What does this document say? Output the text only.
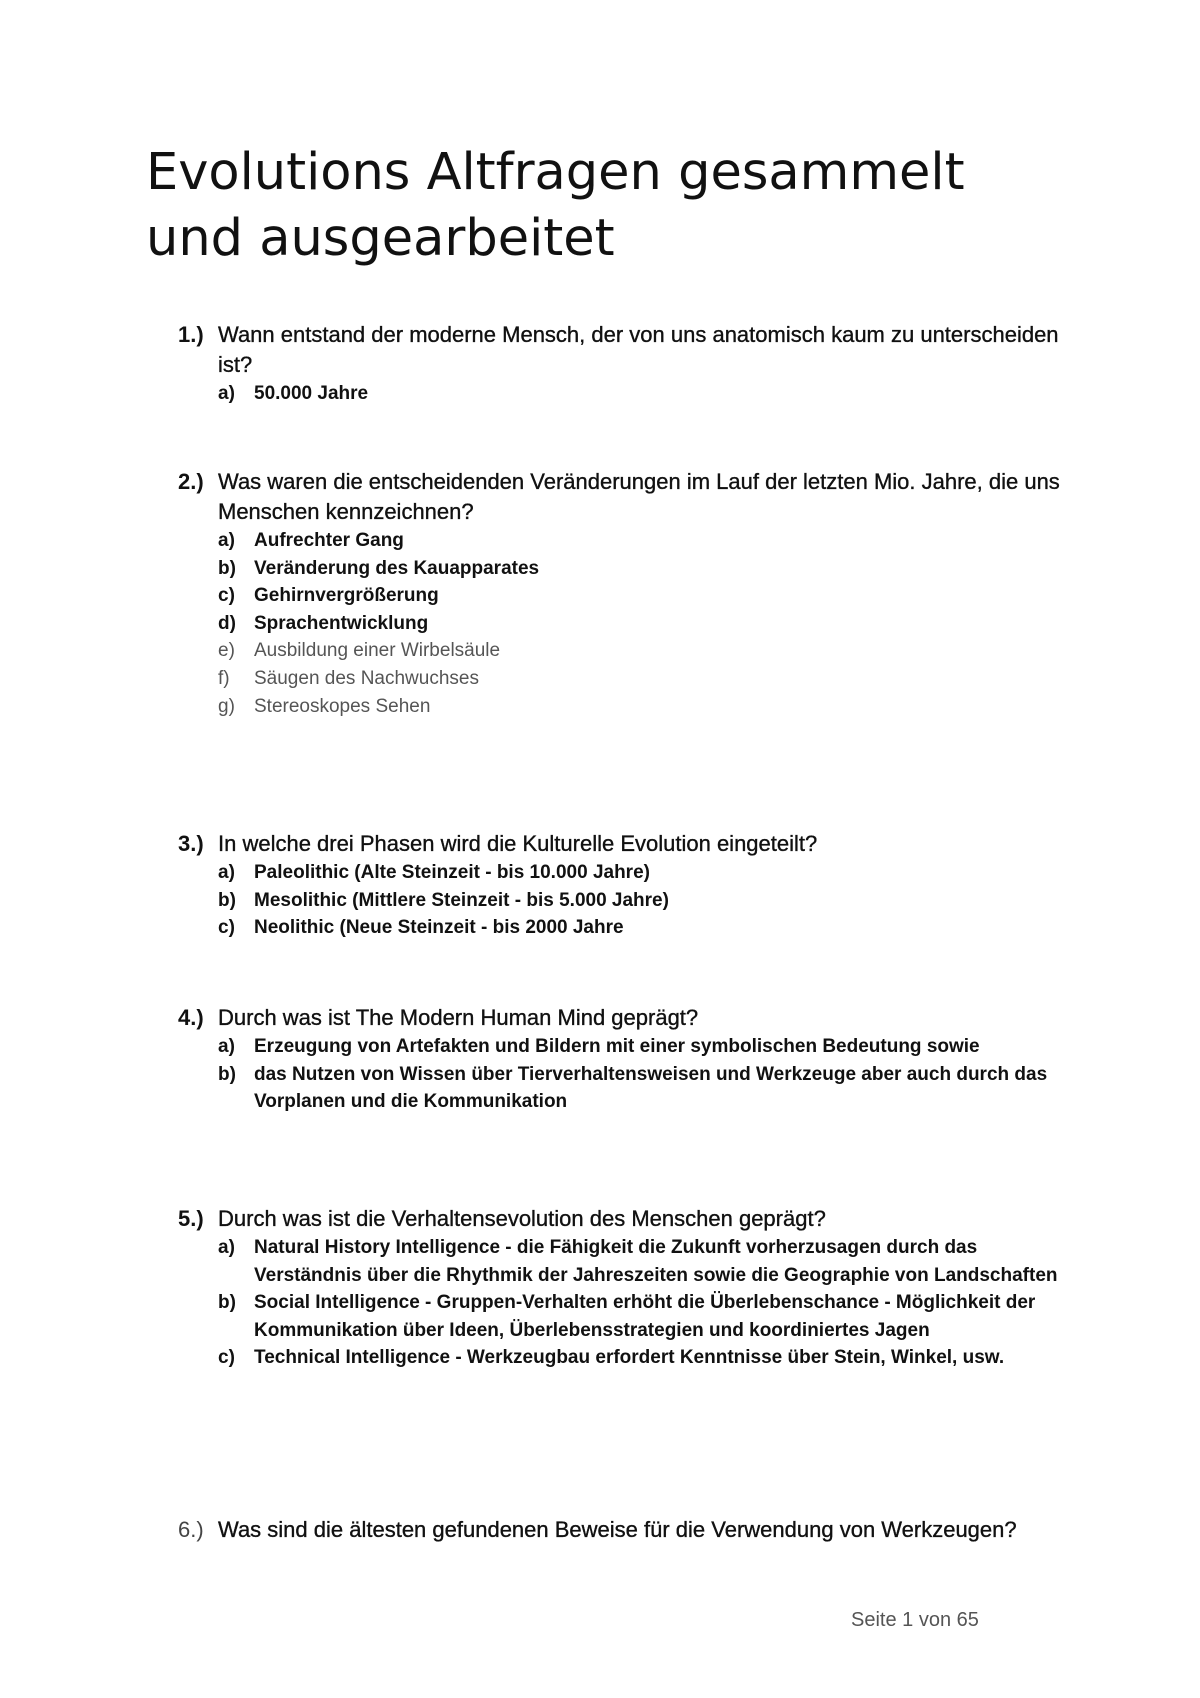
Evolutions Altfragen gesammelt
und ausgearbeitet
1.) Wann entstand der moderne Mensch, der von uns anatomisch kaum zu unterscheiden ist?
a)	50.000 Jahre
2.) Was waren die entscheidenden Veränderungen im Lauf der letzten Mio. Jahre, die uns Menschen kennzeichnen?
a)	Aufrechter Gang
b) Veränderung des Kauapparates
c)	Gehirnvergrößerung
d) Sprachentwicklung
e)	Ausbildung einer Wirbelsäule
f)	Säugen des Nachwuchses
g)	Stereoskopes Sehen
3.) In welche drei Phasen wird die Kulturelle Evolution eingeteilt?
a)	Paleolithic (Alte Steinzeit - bis 10.000 Jahre)
b) Mesolithic (Mittlere Steinzeit - bis 5.000 Jahre)
c)	Neolithic (Neue Steinzeit - bis 2000 Jahre
4.) Durch was ist The Modern Human Mind geprägt?
a)	Erzeugung von Artefakten und Bildern mit einer symbolischen Bedeutung sowie
b) das Nutzen von Wissen über Tierverhaltensweisen und Werkzeuge aber auch durch das Vorplanen und die Kommunikation
5.) Durch was ist die Verhaltensevolution des Menschen geprägt?
a)	Natural History Intelligence - die Fähigkeit die Zukunft vorherzusagen durch das Verständnis über die Rhythmik der Jahreszeiten sowie die Geographie von Landschaften
b) Social Intelligence - Gruppen-Verhalten erhöht die Überlebenschance - Möglichkeit der Kommunikation über Ideen, Überlebensstrategien und koordiniertes Jagen
c)	Technical Intelligence - Werkzeugbau erfordert Kenntnisse über Stein, Winkel, usw.
6.) Was sind die ältesten gefundenen Beweise für die Verwendung von Werkzeugen?
Seite 1 von 65
